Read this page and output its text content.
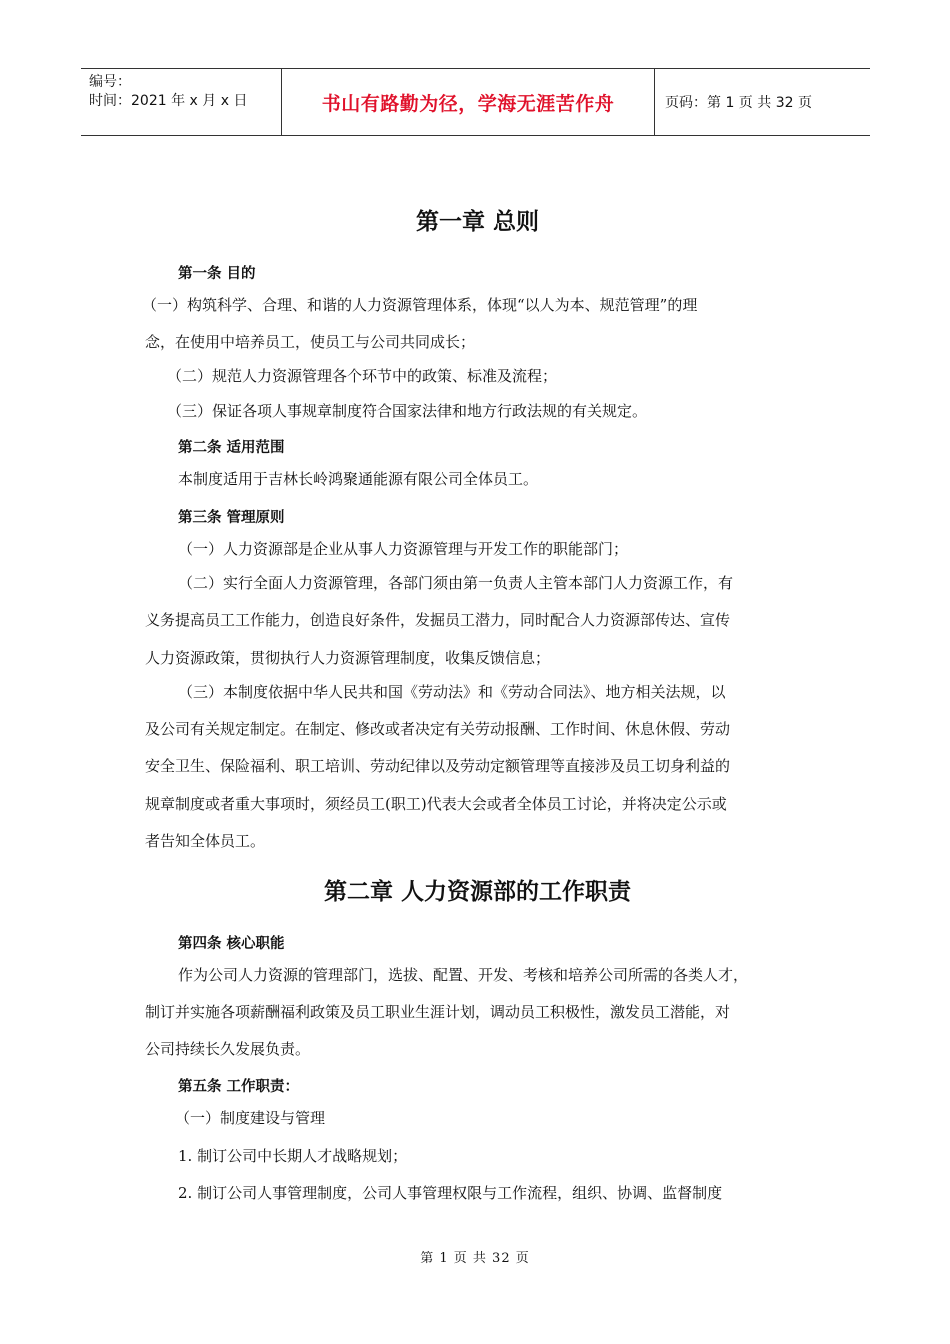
编号：
时间：2021 年 x 月 x 日	书山有路勤为径，学海无涯苦作舟	页码：第 1 页 共 32 页
第一章 总则
第一条 目的
（一）构筑科学、合理、和谐的人力资源管理体系，体现“以人为本、规范管理”的理
念，在使用中培养员工，使员工与公司共同成长；
（二）规范人力资源管理各个环节中的政策、标准及流程；
（三）保证各项人事规章制度符合国家法律和地方行政法规的有关规定。
第二条 适用范围
本制度适用于吉林长岭鸿聚通能源有限公司全体员工。
第三条 管理原则
（一）人力资源部是企业从事人力资源管理与开发工作的职能部门；
（二）实行全面人力资源管理，各部门须由第一负责人主管本部门人力资源工作，有
义务提高员工工作能力，创造良好条件，发掘员工潜力，同时配合人力资源部传达、宣传
人力资源政策，贯彻执行人力资源管理制度，收集反馈信息；
（三）本制度依据中华人民共和国《劳动法》和《劳动合同法》、地方相关法规，以
及公司有关规定制定。在制定、修改或者决定有关劳动报酬、工作时间、休息休假、劳动
安全卫生、保险福利、职工培训、劳动纪律以及劳动定额管理等直接涉及员工切身利益的
规章制度或者重大事项时，须经员工(职工)代表大会或者全体员工讨论，并将决定公示或
者告知全体员工。
第二章 人力资源部的工作职责
第四条 核心职能
作为公司人力资源的管理部门，选拔、配置、开发、考核和培养公司所需的各类人才，
制订并实施各项薪酬福利政策及员工职业生涯计划，调动员工积极性，激发员工潜能，对
公司持续长久发展负责。
第五条 工作职责：
（一）制度建设与管理
1. 制订公司中长期人才战略规划；
2. 制订公司人事管理制度，公司人事管理权限与工作流程，组织、协调、监督制度
第 1 页 共 32 页
